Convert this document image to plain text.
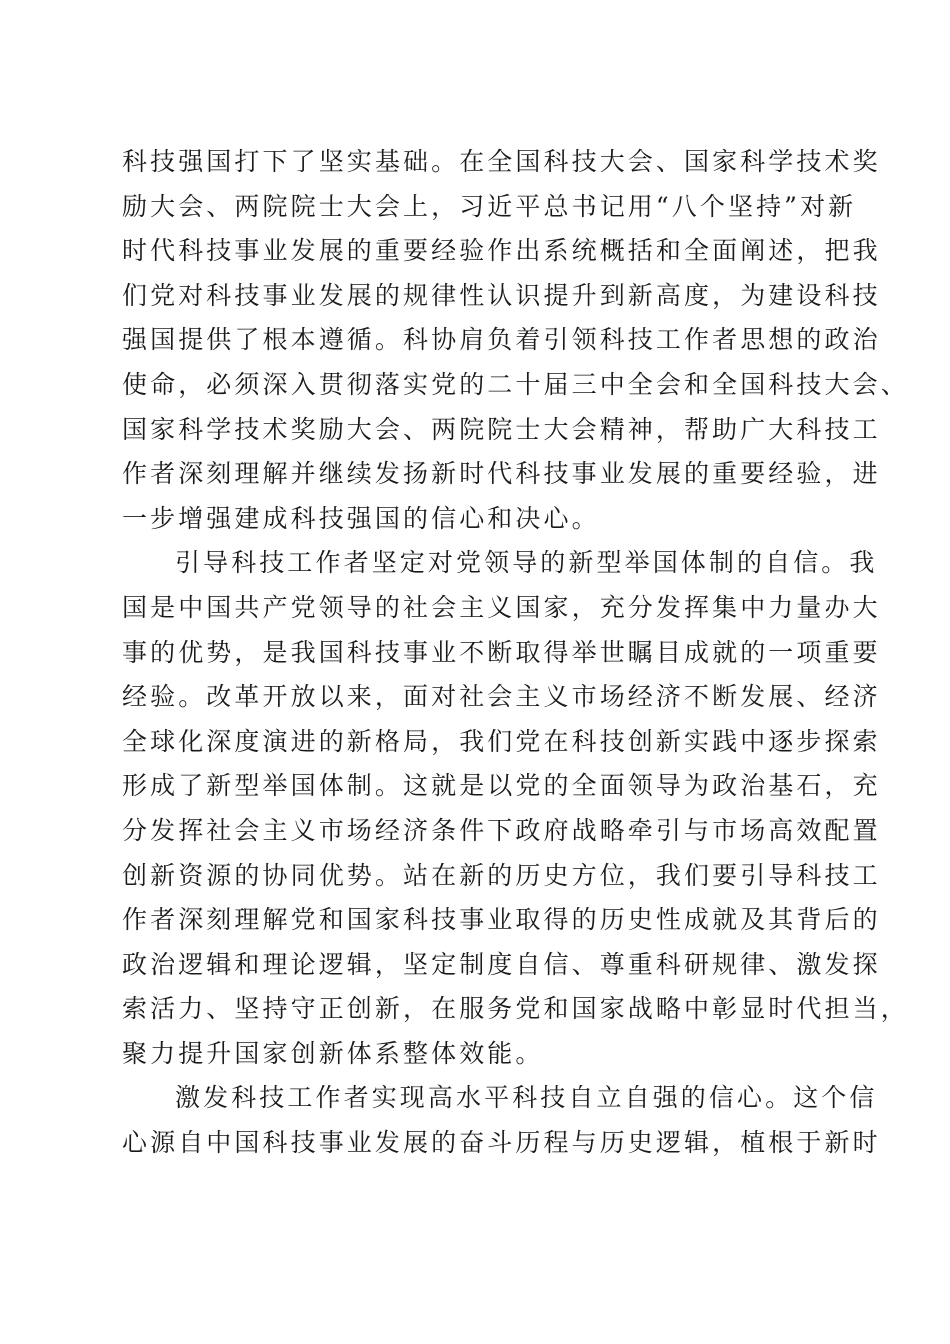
科技强国打下了坚实基础。在全国科技大会、国家科学技术奖
励大会、两院院士大会上，习近平总书记用“八个坚持”对新
时代科技事业发展的重要经验作出系统概括和全面阐述，把我
们党对科技事业发展的规律性认识提升到新高度，为建设科技
强国提供了根本遵循。科协肩负着引领科技工作者思想的政治
使命，必须深入贯彻落实党的二十届三中全会和全国科技大会、
国家科学技术奖励大会、两院院士大会精神，帮助广大科技工
作者深刻理解并继续发扬新时代科技事业发展的重要经验，进
一步增强建成科技强国的信心和决心。
引导科技工作者坚定对党领导的新型举国体制的自信。我
国是中国共产党领导的社会主义国家，充分发挥集中力量办大
事的优势，是我国科技事业不断取得举世瞩目成就的一项重要
经验。改革开放以来，面对社会主义市场经济不断发展、经济
全球化深度演进的新格局，我们党在科技创新实践中逐步探索
形成了新型举国体制。这就是以党的全面领导为政治基石，充
分发挥社会主义市场经济条件下政府战略牵引与市场高效配置
创新资源的协同优势。站在新的历史方位，我们要引导科技工
作者深刻理解党和国家科技事业取得的历史性成就及其背后的
政治逻辑和理论逻辑，坚定制度自信、尊重科研规律、激发探
索活力、坚持守正创新，在服务党和国家战略中彰显时代担当，
聚力提升国家创新体系整体效能。
激发科技工作者实现高水平科技自立自强的信心。这个信
心源自中国科技事业发展的奋斗历程与历史逻辑，植根于新时
